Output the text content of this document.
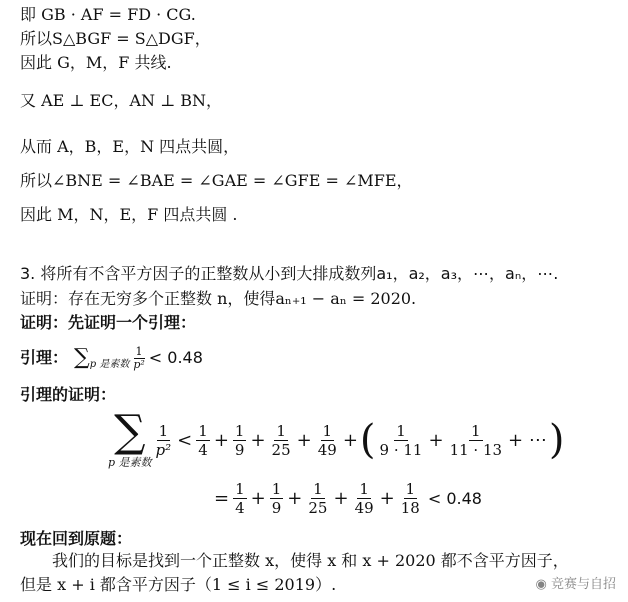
即 GB · AF = FD · CG.
所以S△BGF = S△DGF，
因此 G，M，F 共线.
又 AE ⊥ EC，AN ⊥ BN，
从而 A，B，E，N 四点共圆，
所以∠BNE = ∠BAE = ∠GAE = ∠GFE = ∠MFE，
因此 M，N，E，F 四点共圆 .
3. 将所有不含平方因子的正整数从小到大排成数列a₁，a₂，a₃，⋯，aₙ，⋯.
证明：存在无穷多个正整数 n，使得aₙ₊₁ − aₙ = 2020.
证明：先证明一个引理：
引理： ∑ p 是素数 $\frac{1}{\text{p²}} < 0.48$
引理的证明：
∑
p 是素数
$\frac{1}{\text{p²}} < \frac{1}{4} + \frac{1}{9} + \frac{1}{25} + \frac{1}{49}$ + ( $\frac{1}{9 \cdot 11} + \frac{1}{11 \cdot 13}$ + ⋯ )
= $\frac{1}{4} + \frac{1}{9} + \frac{1}{25} + \frac{1}{49} + \frac{1}{18} < 0.48$
现在回到原题：
我们的目标是找到一个正整数 x，使得 x 和 x + 2020 都不含平方因子，
但是 x + i 都含平方因子（1 ≤ i ≤ 2019）.	◉ 竞赛与自招
